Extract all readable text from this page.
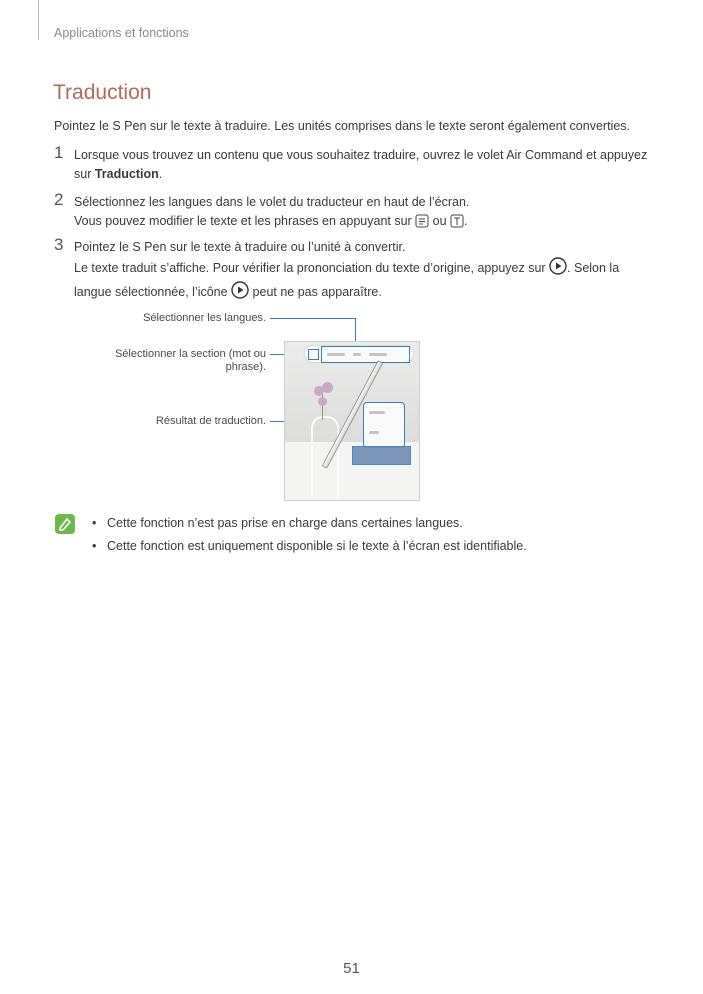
Applications et fonctions
Traduction
Pointez le S Pen sur le texte à traduire. Les unités comprises dans le texte seront également converties.
1 Lorsque vous trouvez un contenu que vous souhaitez traduire, ouvrez le volet Air Command et appuyez sur Traduction.
2 Sélectionnez les langues dans le volet du traducteur en haut de l’écran.
Vous pouvez modifier le texte et les phrases en appuyant sur  ou .
3 Pointez le S Pen sur le texte à traduire ou l’unité à convertir.
Le texte traduit s’affiche. Pour vérifier la prononciation du texte d’origine, appuyez sur . Selon la langue sélectionnée, l’icône  peut ne pas apparaître.
Sélectionner les langues.
Sélectionner la section (mot ou phrase).
Résultat de traduction.
• Cette fonction n’est pas prise en charge dans certaines langues.
• Cette fonction est uniquement disponible si le texte à l’écran est identifiable.
51
